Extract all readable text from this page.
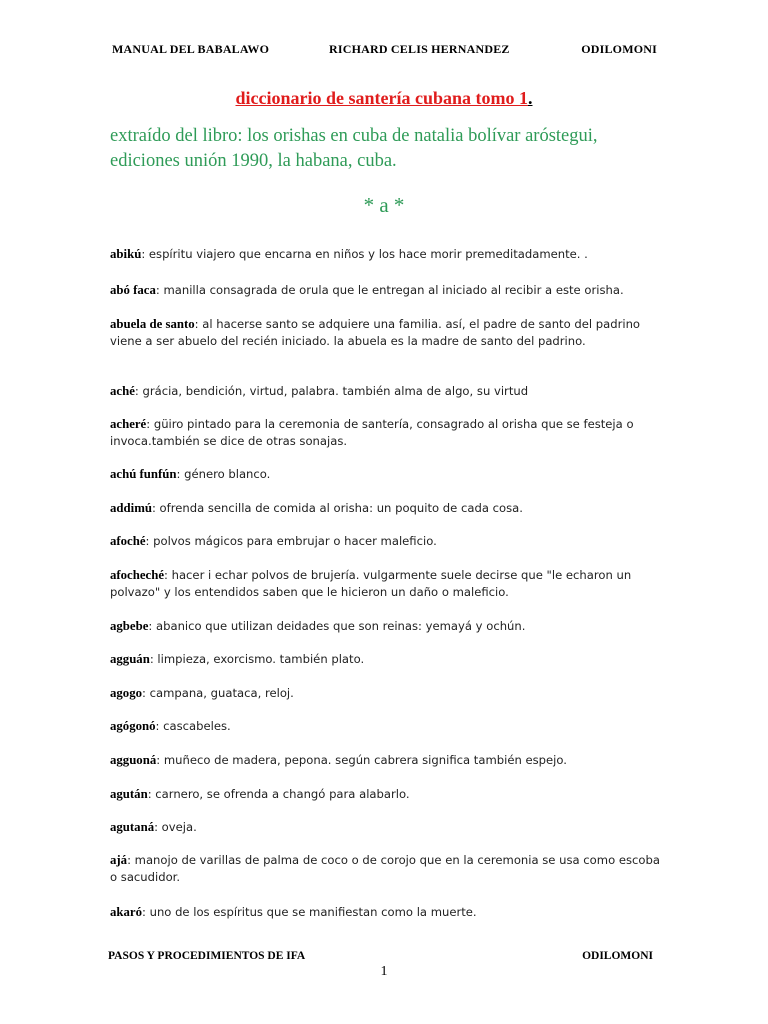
MANUAL DEL BABALAWO	RICHARD CELIS HERNANDEZ	ODILOMONI
diccionario de santería cubana tomo 1.
extraído del libro: los orishas en cuba de natalia bolívar aróstegui, ediciones unión 1990, la habana, cuba.
* a *
abikú: espíritu viajero que encarna en niños y los hace morir premeditadamente. .
abó faca: manilla consagrada de orula que le entregan al iniciado al recibir a este orisha.
abuela de santo: al hacerse santo se adquiere una familia. así, el padre de santo del padrino viene a ser abuelo del recién iniciado. la abuela es la madre de santo del padrino.
aché: grácia, bendición, virtud, palabra. también alma de algo, su virtud
acheré: güiro pintado para la ceremonia de santería, consagrado al orisha que se festeja o invoca.también se dice de otras sonajas.
achú funfún: género blanco.
addimú: ofrenda sencilla de comida al orisha: un poquito de cada cosa.
afoché: polvos mágicos para embrujar o hacer maleficio.
afocheché: hacer i echar polvos de brujería. vulgarmente suele decirse que "le echaron un polvazo" y los entendidos saben que le hicieron un daño o maleficio.
agbebe: abanico que utilizan deidades que son reinas: yemayá y ochún.
agguán: limpieza, exorcismo. también plato.
agogo: campana, guataca, reloj.
agógonó: cascabeles.
agguoná: muñeco de madera, pepona. según cabrera significa también espejo.
agután: carnero, se ofrenda a changó para alabarlo.
agutaná: oveja.
ajá: manojo de varillas de palma de coco o de corojo que en la ceremonia se usa como escoba o sacudidor.
akaró: uno de los espíritus que se manifiestan como la muerte.
PASOS Y PROCEDIMIENTOS DE IFA	ODILOMONI
1
